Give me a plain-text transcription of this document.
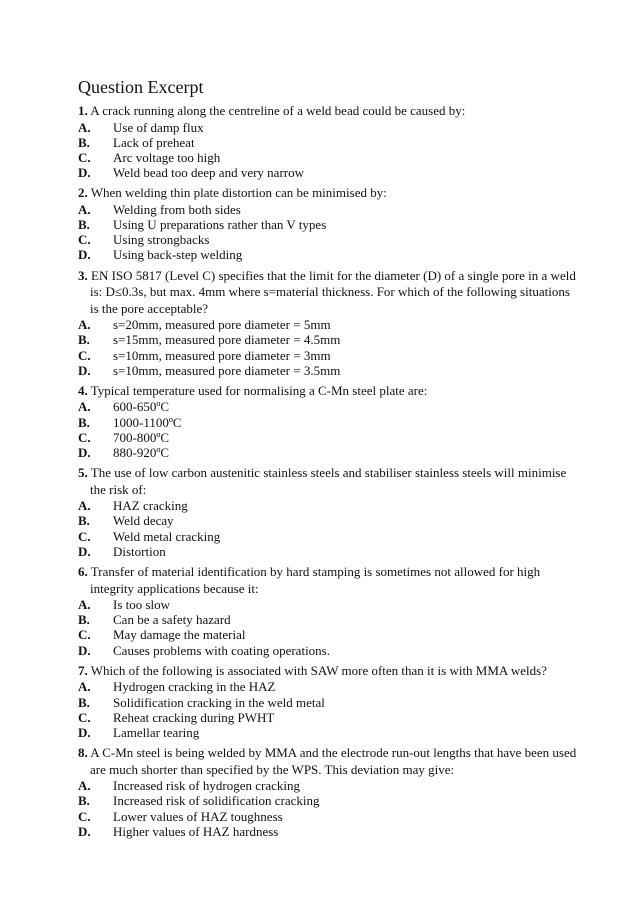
Question Excerpt
1. A crack running along the centreline of a weld bead could be caused by:
A.	Use of damp flux
B.	Lack of preheat
C.	Arc voltage too high
D.	Weld bead too deep and very narrow
2. When welding thin plate distortion can be minimised by:
A.	Welding from both sides
B.	Using U preparations rather than V types
C.	Using strongbacks
D.	Using back-step welding
3. EN ISO 5817 (Level C) specifies that the limit for the diameter (D) of a single pore in a weld is: D≤0.3s, but max. 4mm where s=material thickness. For which of the following situations is the pore acceptable?
A.	s=20mm, measured pore diameter = 5mm
B.	s=15mm, measured pore diameter = 4.5mm
C.	s=10mm, measured pore diameter = 3mm
D.	s=10mm, measured pore diameter = 3.5mm
4. Typical temperature used for normalising a C-Mn steel plate are:
A.	600-650ºC
B.	1000-1100ºC
C.	700-800ºC
D.	880-920ºC
5. The use of low carbon austenitic stainless steels and stabiliser stainless steels will minimise the risk of:
A.	HAZ cracking
B.	Weld decay
C.	Weld metal cracking
D.	Distortion
6. Transfer of material identification by hard stamping is sometimes not allowed for high integrity applications because it:
A.	Is too slow
B.	Can be a safety hazard
C.	May damage the material
D.	Causes problems with coating operations.
7. Which of the following is associated with SAW more often than it is with MMA welds?
A.	Hydrogen cracking in the HAZ
B.	Solidification cracking in the weld metal
C.	Reheat cracking during PWHT
D.	Lamellar tearing
8. A C-Mn steel is being welded by MMA and the electrode run-out lengths that have been used are much shorter than specified by the WPS. This deviation may give:
A.	Increased risk of hydrogen cracking
B.	Increased risk of solidification cracking
C.	Lower values of HAZ toughness
D.	Higher values of HAZ hardness
